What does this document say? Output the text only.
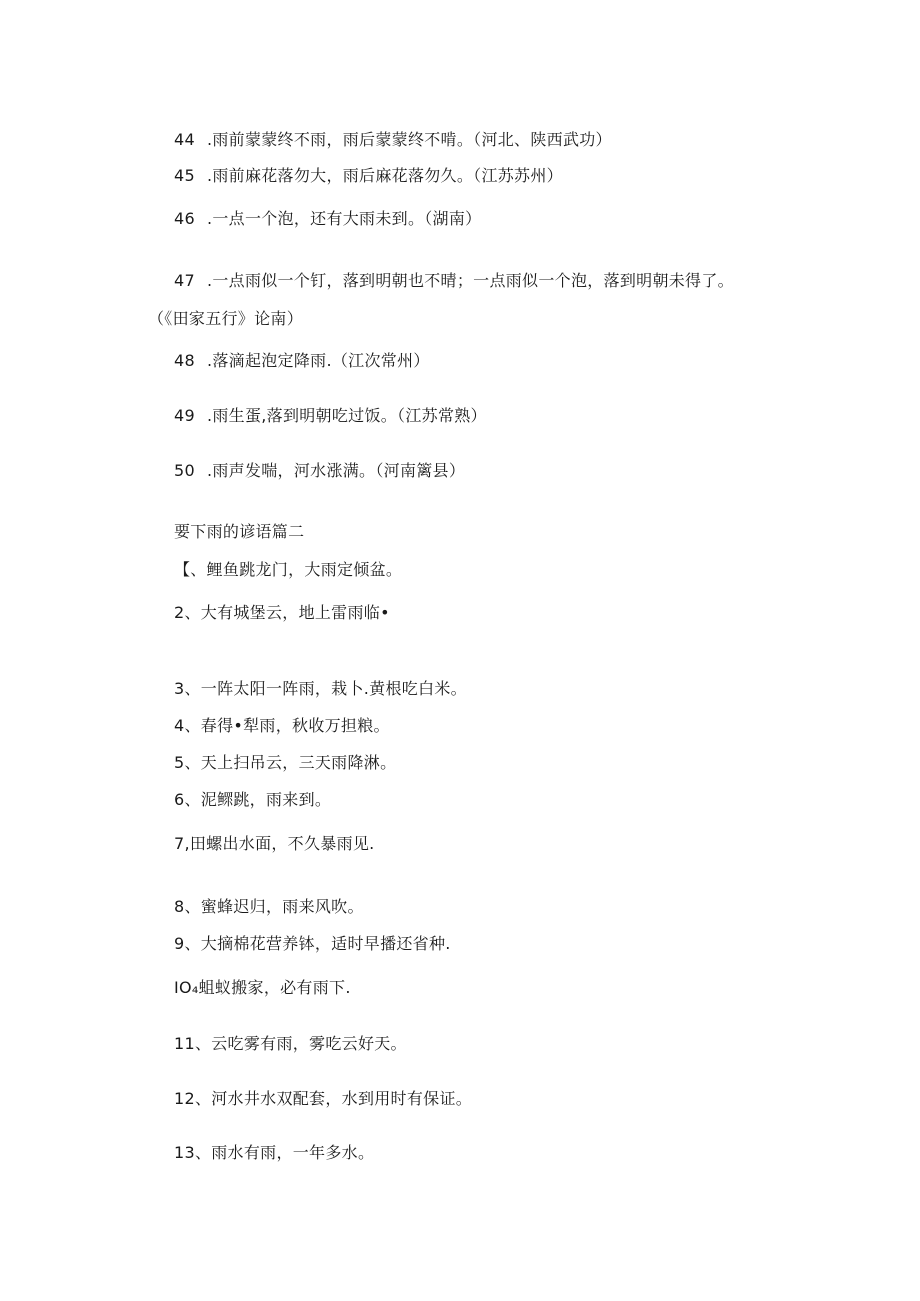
44 .雨前蒙蒙终不雨，雨后蒙蒙终不啃。（河北、陕西武功）
45 .雨前麻花落勿大，雨后麻花落勿久。（江苏苏州）
46 .一点一个泡，还有大雨未到。（湖南）
47 .一点雨似一个钉，落到明朝也不晴；一点雨似一个泡，落到明朝未得了。
（《田家五行》论南）
48 .落滴起泡定降雨.（江次常州）
49 .雨生蛋,落到明朝吃过饭。（江苏常熟）
50 .雨声发喘，河水涨满。（河南篱县）
要下雨的谚语篇二
【、鲤鱼跳龙门，大雨定倾盆。
2、大有城堡云，地上雷雨临•
3、一阵太阳一阵雨，栽卜.黄根吃白米。
4、春得•犁雨，秋收万担粮。
5、天上扫吊云，三天雨降淋。
6、泥鳏跳，雨来到。
7,田螺出水面，不久暴雨见.
8、蜜蜂迟归，雨来风吹。
9、大摘棉花营养钵，适时早播还省种.
IO₄蛆蚁搬家，必有雨下.
11、云吃雾有雨，雾吃云好天。
12、河水井水双配套，水到用时有保证。
13、雨水有雨，一年多水。
